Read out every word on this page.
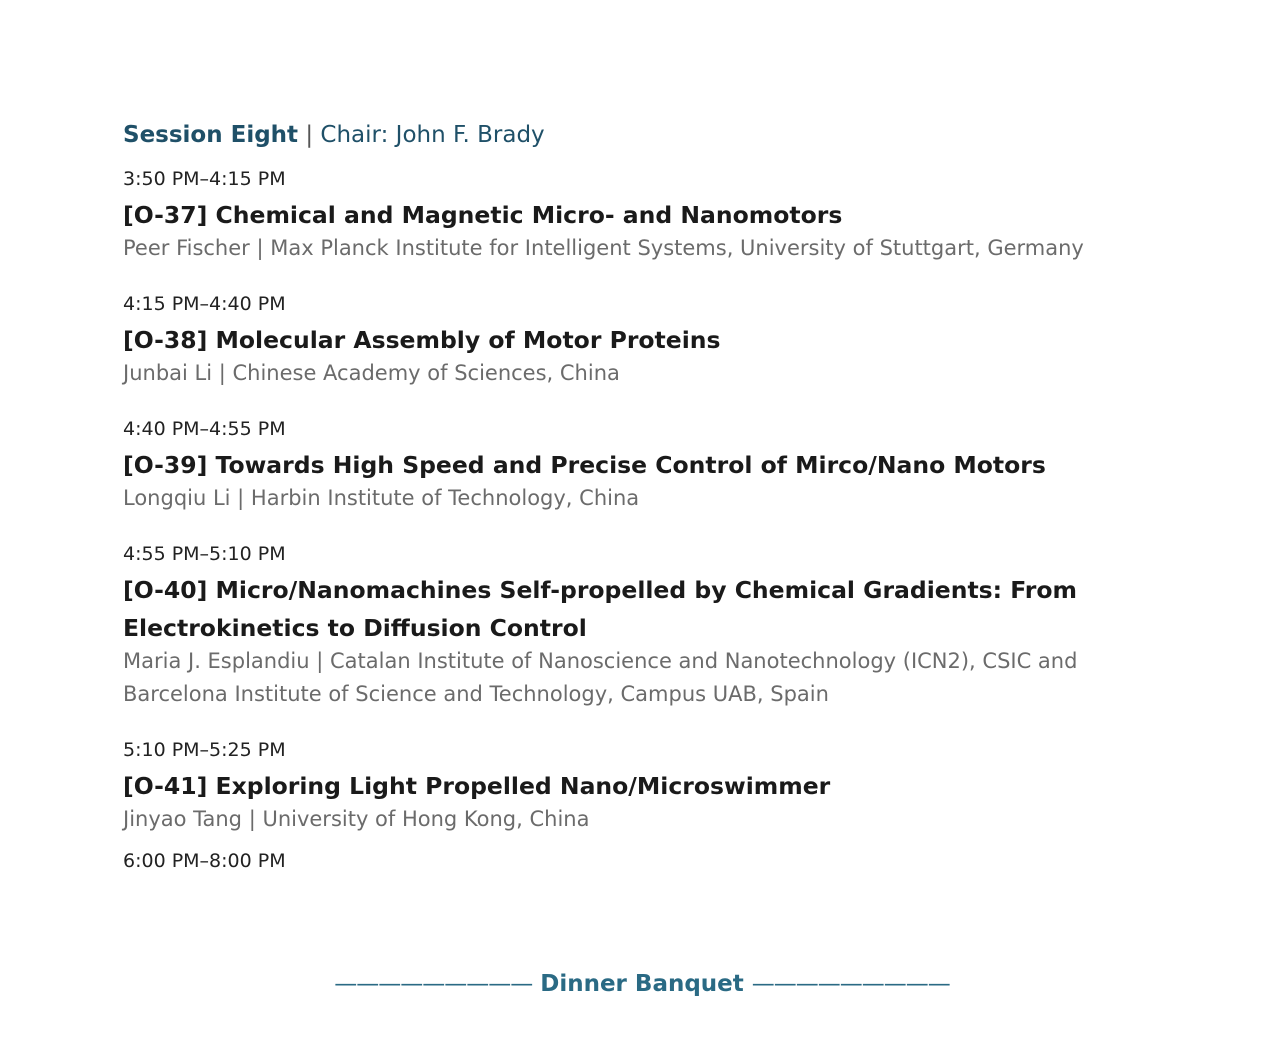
Session Eight | Chair: John F. Brady
3:50 PM–4:15 PM
[O-37] Chemical and Magnetic Micro- and Nanomotors
Peer Fischer | Max Planck Institute for Intelligent Systems, University of Stuttgart, Germany
4:15 PM–4:40 PM
[O-38] Molecular Assembly of Motor Proteins
Junbai Li | Chinese Academy of Sciences, China
4:40 PM–4:55 PM
[O-39] Towards High Speed and Precise Control of Mirco/Nano Motors
Longqiu Li | Harbin Institute of Technology, China
4:55 PM–5:10 PM
[O-40] Micro/Nanomachines Self-propelled by Chemical Gradients: From Electrokinetics to Diffusion Control
Maria J. Esplandiu | Catalan Institute of Nanoscience and Nanotechnology (ICN2), CSIC and Barcelona Institute of Science and Technology, Campus UAB, Spain
5:10 PM–5:25 PM
[O-41] Exploring Light Propelled Nano/Microswimmer
Jinyao Tang | University of Hong Kong, China
6:00 PM–8:00 PM
————————— Dinner Banquet —————————
